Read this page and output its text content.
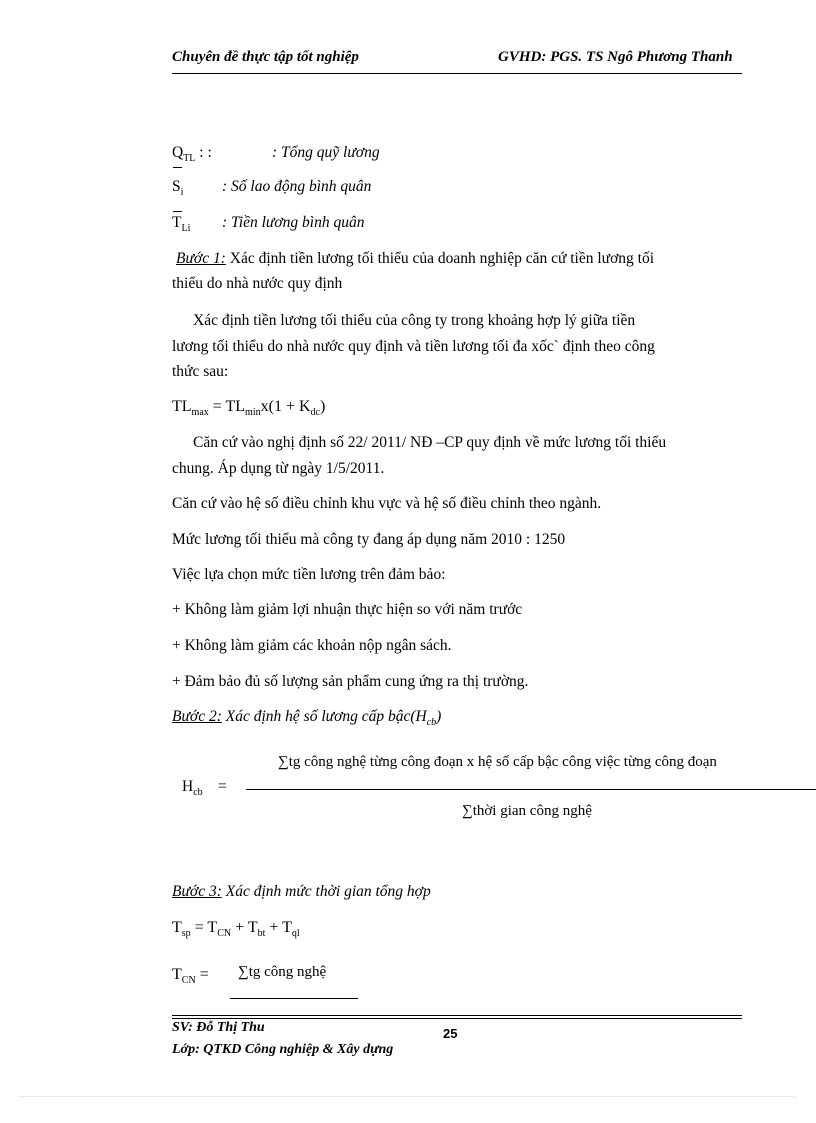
Chuyên đề thực tập tốt nghiệp	GVHD: PGS. TS Ngô Phương Thanh
$Q_{TL}$ : :	: Tổng quỹ lương
$S_i$ : Số lao động bình quân
$T_{Li}$ : Tiền lương bình quân
Bước 1: Xác định tiền lương tối thiểu của doanh nghiệp căn cứ tiền lương tối
thiểu do nhà nước quy định
Xác định tiền lương tối thiểu của công ty trong khoảng hợp lý giữa tiền
lương tối thiểu do nhà nước quy định và tiền lương tối đa xốc` định theo công
thức sau:
$TL_{max} = TL_{min}x(1 + K_{dc})$
Căn cứ vào nghị định số 22/ 2011/ NĐ –CP quy định về mức lương tối thiểu
chung. Áp dụng từ ngày 1/5/2011.
Căn cứ vào hệ số điều chỉnh khu vực và hệ số điều chỉnh theo ngành.
Mức lương tối thiểu mà công ty đang áp dụng năm 2010 : 1250
Việc lựa chọn mức tiền lương trên đảm bảo:
+ Không làm giảm lợi nhuận thực hiện so với năm trước
+ Không làm giảm các khoản nộp ngân sách.
+ Đảm bảo đủ số lượng sản phẩm cung ứng ra thị trường.
Bước 2: Xác định hệ số lương cấp $bậc(H_{cb})$
∑tg công nghệ từng công đoạn x hệ số cấp bậc công việc từng công đoạn
$H_{cb}$ =
∑thời gian công nghệ
Bước 3: Xác định mức thời gian tổng hợp
$T_{sp} = T_{CN} + T_{bt} + T_{ql}$
$T_{CN} = \sum tg$ công nghệ
SV: Đỗ Thị Thu	25
Lớp: QTKD Công nghiệp & Xây dựng
